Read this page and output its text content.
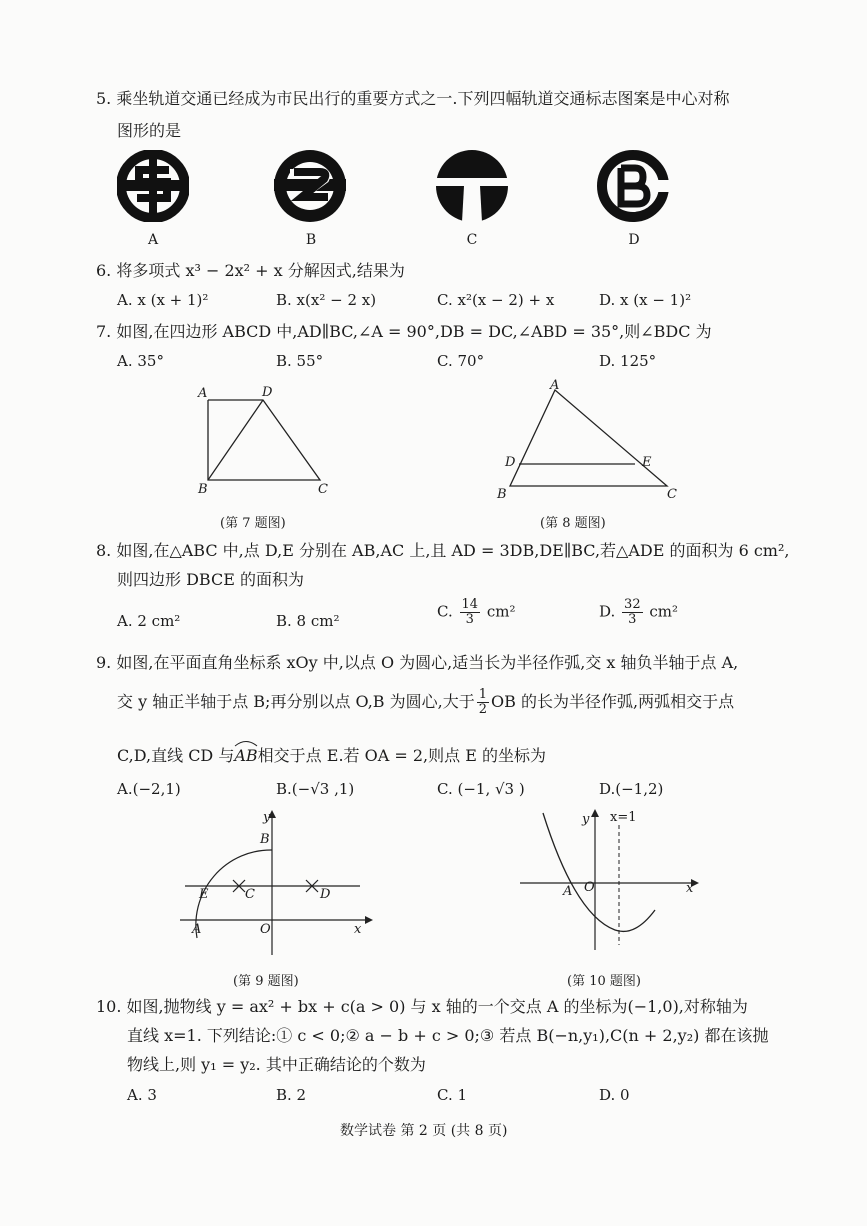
5. 乘坐轨道交通已经成为市民出行的重要方式之一.下列四幅轨道交通标志图案是中心对称
图形的是
A	B	C	D
6. 将多项式 x³ − 2x² + x 分解因式,结果为
A. x (x + 1)²	B. x(x² − 2 x)	C. x²(x − 2) + x	D. x (x − 1)²
7. 如图,在四边形 ABCD 中,AD∥BC,∠A = 90°,DB = DC,∠ABD = 35°,则∠BDC 为
A. 35°	B. 55°	C. 70°	D. 125°
A	D
B	C
(第 7 题图)
A
D	E
B	C
(第 8 题图)
8. 如图,在△ABC 中,点 D,E 分别在 AB,AC 上,且 AD = 3DB,DE∥BC,若△ADE 的面积为 6 cm²,
则四边形 DBCE 的面积为
A. 2 cm²	B. 8 cm²
C. $\frac{14}{3} cm^2$	D. $\frac{32}{3} cm^2$
9. 如图,在平面直角坐标系 xOy 中,以点 O 为圆心,适当长为半径作弧,交 x 轴负半轴于点 A,
交 y 轴正半轴于点 B;再分别以点 O,B 为圆心,大于 $\frac{1}{2}$ OB 的长为半径作弧,两弧相交于点
C,D,直线 CD 与
AB相交于点 E.若 OA = 2,则点 E 的坐标为
A.(−2,1)	B.(−√3 ,1)	C. (−1, √3 )	D.(−1,2)
y
B
E	C	D
A	O	x
(第 9 题图)
y x=1
A O	x
(第 10 题图)
10. 如图,抛物线 y = ax² + bx + c(a > 0) 与 x 轴的一个交点 A 的坐标为(−1,0),对称轴为
直线 x=1. 下列结论:① c < 0;② a − b + c > 0;③ 若点 B(−n,y₁),C(n + 2,y₂) 都在该抛
物线上,则 y₁ = y₂. 其中正确结论的个数为
A. 3	B. 2	C. 1	D. 0
数学试卷 第 2 页 (共 8 页)
